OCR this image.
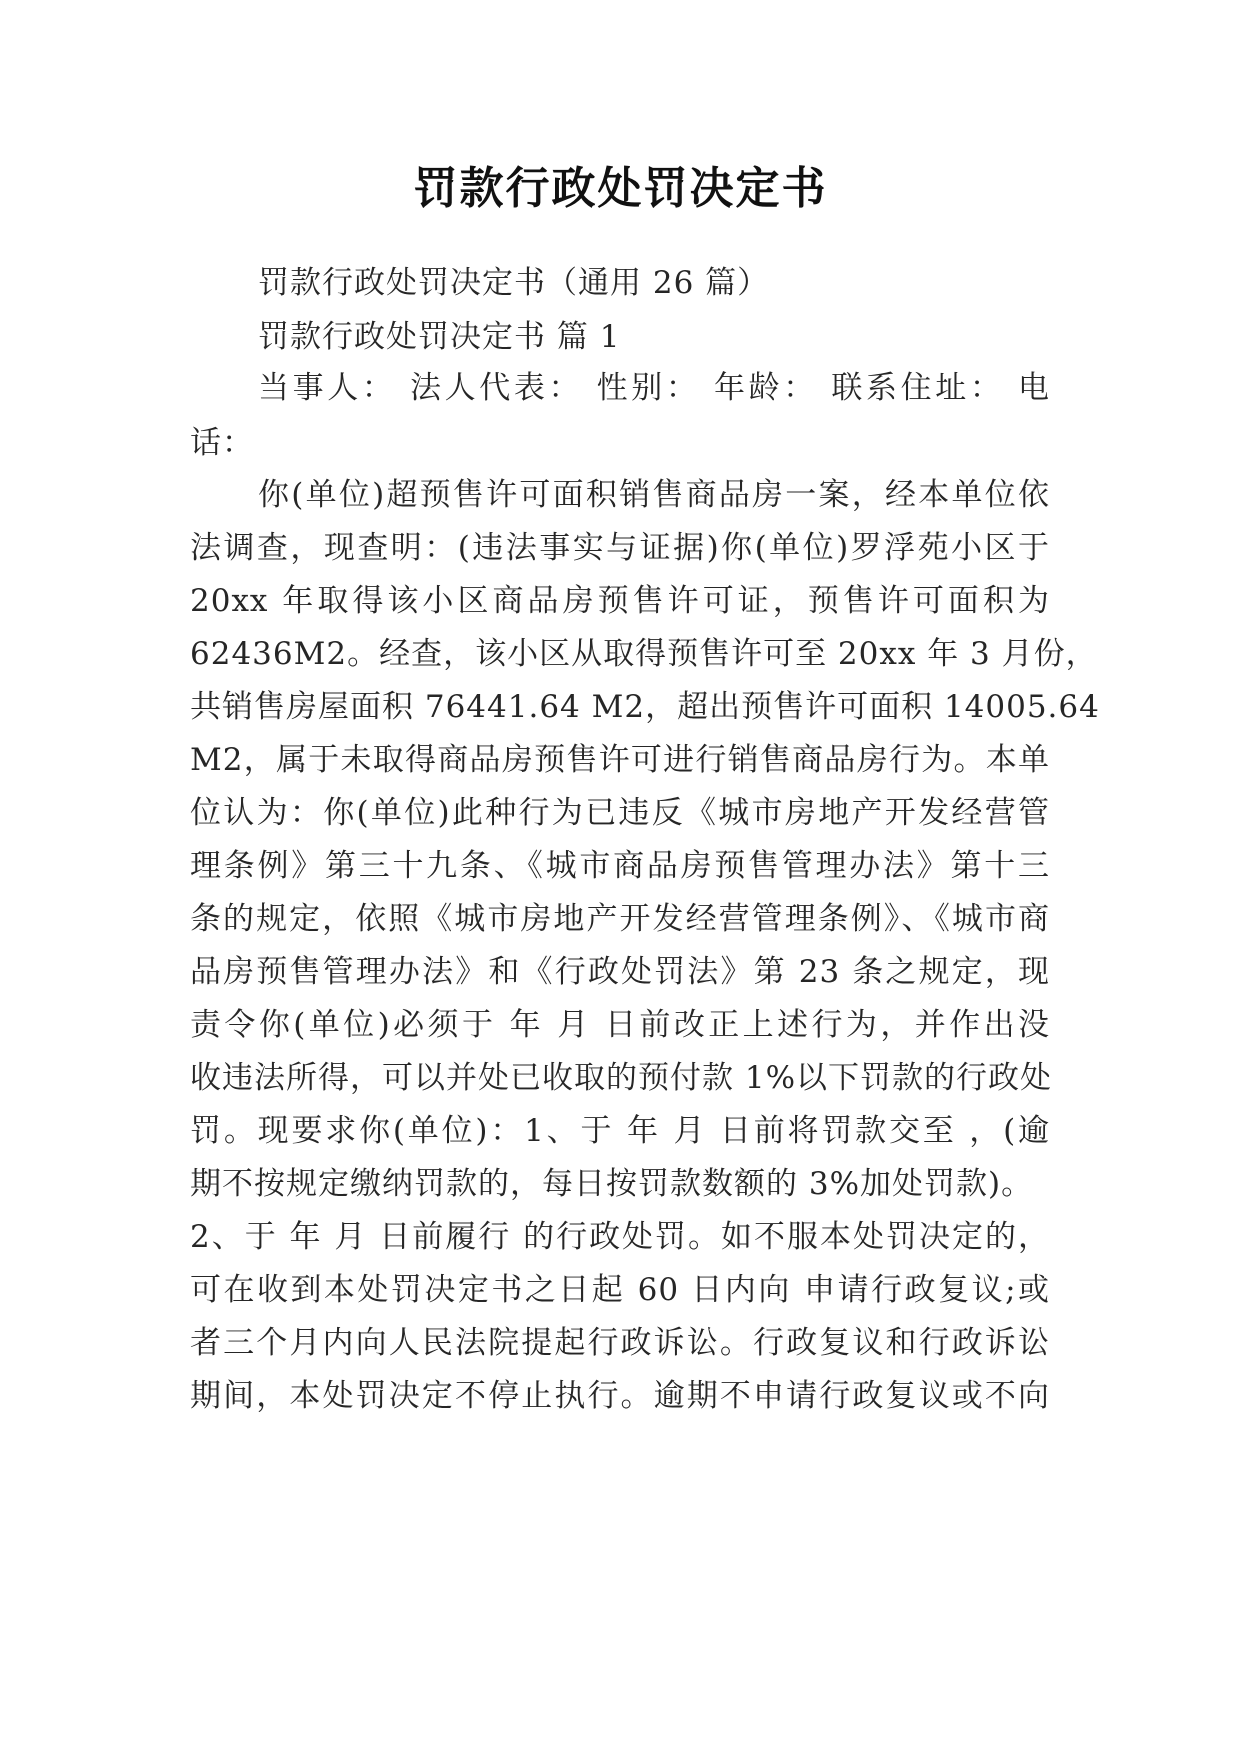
罚款行政处罚决定书
罚款行政处罚决定书（通用 26 篇）
罚款行政处罚决定书 篇 1
当事人： 法人代表： 性别： 年龄： 联系住址： 电
话：
你(单位)超预售许可面积销售商品房一案，经本单位依
法调查，现查明：(违法事实与证据)你(单位)罗浮苑小区于
20xx 年取得该小区商品房预售许可证，预售许可面积为
62436M2。经查，该小区从取得预售许可至 20xx 年 3 月份，
共销售房屋面积 76441.64 M2，超出预售许可面积 14005.64
M2，属于未取得商品房预售许可进行销售商品房行为。本单
位认为：你(单位)此种行为已违反《城市房地产开发经营管
理条例》第三十九条、《城市商品房预售管理办法》第十三
条的规定，依照《城市房地产开发经营管理条例》、《城市商
品房预售管理办法》和《行政处罚法》第 23 条之规定，现
责令你(单位)必须于 年 月 日前改正上述行为，并作出没
收违法所得，可以并处已收取的预付款 1%以下罚款的行政处
罚。现要求你(单位)：1、于 年 月 日前将罚款交至 ，(逾
期不按规定缴纳罚款的，每日按罚款数额的 3%加处罚款)。
2、于 年 月 日前履行 的行政处罚。如不服本处罚决定的，
可在收到本处罚决定书之日起 60 日内向 申请行政复议;或
者三个月内向人民法院提起行政诉讼。行政复议和行政诉讼
期间，本处罚决定不停止执行。逾期不申请行政复议或不向
